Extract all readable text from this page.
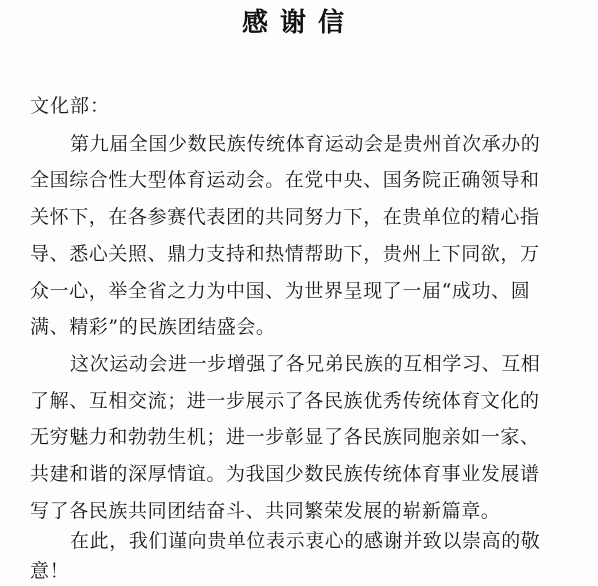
感谢信
文化部：
第九届全国少数民族传统体育运动会是贵州首次承办的
全国综合性大型体育运动会。在党中央、国务院正确领导和
关怀下，在各参赛代表团的共同努力下，在贵单位的精心指
导、悉心关照、鼎力支持和热情帮助下，贵州上下同欲，万
众一心，举全省之力为中国、为世界呈现了一届“成功、圆
满、精彩”的民族团结盛会。
这次运动会进一步增强了各兄弟民族的互相学习、互相
了解、互相交流；进一步展示了各民族优秀传统体育文化的
无穷魅力和勃勃生机；进一步彰显了各民族同胞亲如一家、
共建和谐的深厚情谊。为我国少数民族传统体育事业发展谱
写了各民族共同团结奋斗、共同繁荣发展的崭新篇章。
在此，我们谨向贵单位表示衷心的感谢并致以崇高的敬
意！
